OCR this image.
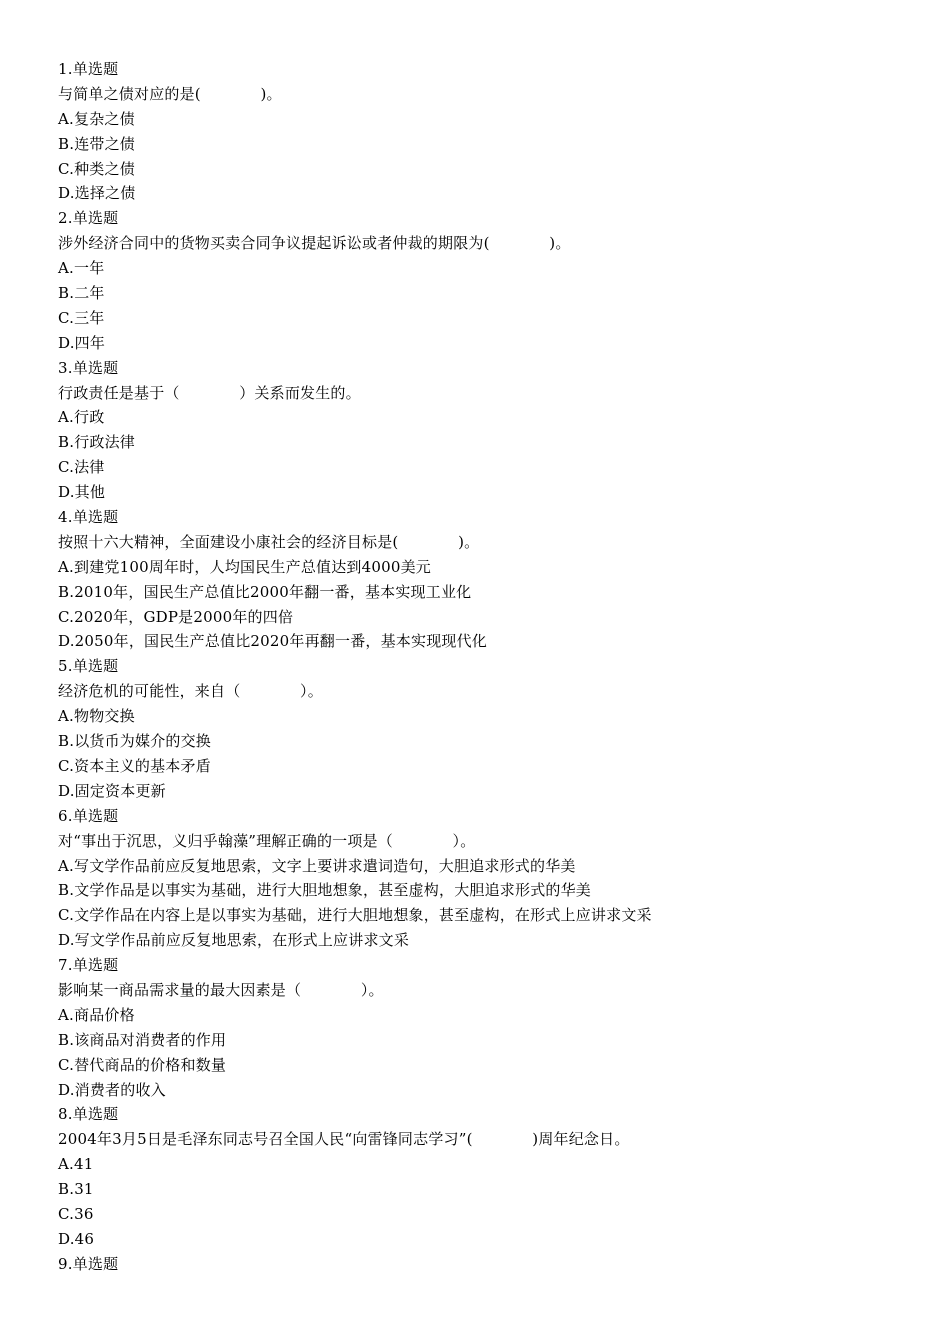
1.单选题
与简单之债对应的是(            )。
A.复杂之债
B.连带之债
C.种类之债
D.选择之债
2.单选题
涉外经济合同中的货物买卖合同争议提起诉讼或者仲裁的期限为(            )。
A.一年
B.二年
C.三年
D.四年
3.单选题
行政责任是基于（            ）关系而发生的。
A.行政
B.行政法律
C.法律
D.其他
4.单选题
按照十六大精神，全面建设小康社会的经济目标是(            )。
A.到建党100周年时，人均国民生产总值达到4000美元
B.2010年，国民生产总值比2000年翻一番，基本实现工业化
C.2020年，GDP是2000年的四倍
D.2050年，国民生产总值比2020年再翻一番，基本实现现代化
5.单选题
经济危机的可能性，来自（            ）。
A.物物交换
B.以货币为媒介的交换
C.资本主义的基本矛盾
D.固定资本更新
6.单选题
对“事出于沉思，义归乎翰藻”理解正确的一项是（            ）。
A.写文学作品前应反复地思索，文字上要讲求遣词造句，大胆追求形式的华美
B.文学作品是以事实为基础，进行大胆地想象，甚至虚构，大胆追求形式的华美
C.文学作品在内容上是以事实为基础，进行大胆地想象，甚至虚构，在形式上应讲求文采
D.写文学作品前应反复地思索，在形式上应讲求文采
7.单选题
影响某一商品需求量的最大因素是（            ）。
A.商品价格
B.该商品对消费者的作用
C.替代商品的价格和数量
D.消费者的收入
8.单选题
2004年3月5日是毛泽东同志号召全国人民“向雷锋同志学习”(            )周年纪念日。
A.41
B.31
C.36
D.46
9.单选题
